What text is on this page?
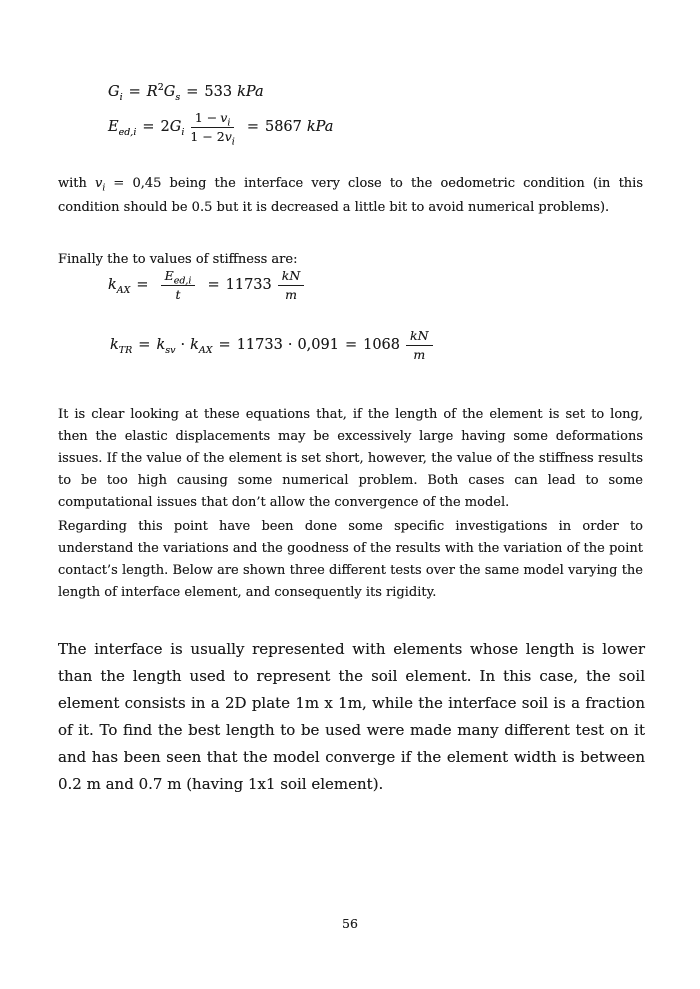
$G_i = R^2G_s = 533$ kPa
$E_{ed,i} = 2G_i \frac{1 - v_i}{1 - 2v_i} = 5867$ kPa

with $v_i = 0,45$ being the interface very close to the oedometric condition (in this condition should be 0.5 but it is decreased a little bit to avoid numerical problems).

Finally the to values of stiffness are:

$k_{AX} = \frac{E_{ed,i}}{t} = 11733 \frac{kN}{m}$
$k_{TR} = k_{sv} \cdot k_{AX} = 11733 \cdot 0,091 = 1068 \frac{kN}{m}$

It is clear looking at these equations that, if the length of the element is set to long, then the elastic displacements may be excessively large having some deformations issues. If the value of the element is set short, however, the value of the stiffness results to be too high causing some numerical problem. Both cases can lead to some computational issues that don’t allow the convergence of the model.

Regarding this point have been done some specific investigations in order to understand the variations and the goodness of the results with the variation of the point contact’s length. Below are shown three different tests over the same model varying the length of interface element, and consequently its rigidity.

The interface is usually represented with elements whose length is lower than the length used to represent the soil element. In this case, the soil element consists in a 2D plate 1m x 1m, while the interface soil is a fraction of it. To find the best length to be used were made many different test on it and has been seen that the model converge if the element width is between 0.2 m and 0.7 m (having 1x1 soil element).

56
